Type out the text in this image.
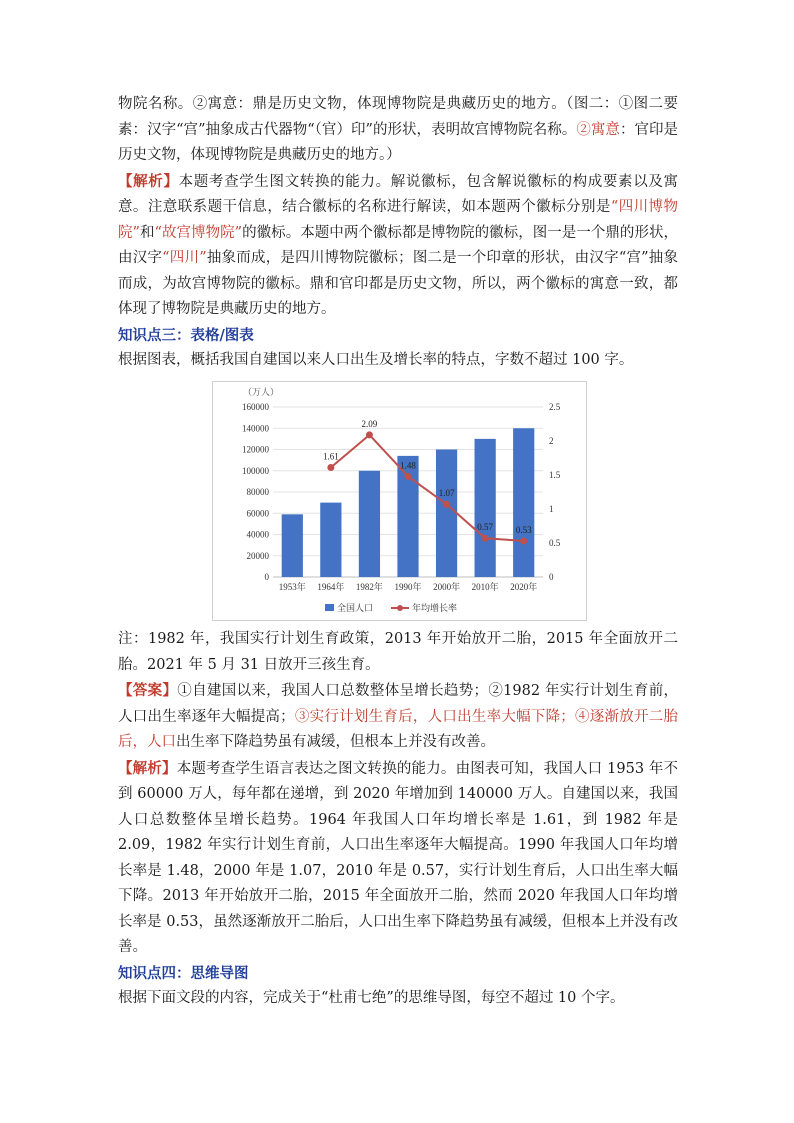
物院名称。②寓意：鼎是历史文物，体现博物院是典藏历史的地方。（图二：①图二要素：汉字“宫”抽象成古代器物“（官）印”的形状，表明故宫博物院名称。②寓意：官印是历史文物，体现博物院是典藏历史的地方。）

【解析】本题考查学生图文转换的能力。解说徽标，包含解说徽标的构成要素以及寓意。注意联系题干信息，结合徽标的名称进行解读，如本题两个徽标分别是“四川博物院”和“故宫博物院”的徽标。本题中两个徽标都是博物院的徽标，图一是一个鼎的形状，由汉字“四川”抽象而成，是四川博物院徽标；图二是一个印章的形状，由汉字“宫”抽象而成，为故宫博物院的徽标。鼎和官印都是历史文物，所以，两个徽标的寓意一致，都体现了博物院是典藏历史的地方。

知识点三：表格/图表

根据图表，概括我国自建国以来人口出生及增长率的特点，字数不超过 100 字。

（万人）
0
20000
40000
60000
80000
100000
120000
140000
160000
0
0.5
1
1.5
2
2.5
1.61
2.09
1.48
1.07
0.57	0.53
1953年 1964年 1982年 1990年 2000年 2010年 2020年
全国人口	年均增长率

注：1982 年，我国实行计划生育政策，2013 年开始放开二胎，2015 年全面放开二胎。2021 年 5 月 31 日放开三孩生育。

【答案】①自建国以来，我国人口总数整体呈增长趋势；②1982 年实行计划生育前，人口出生率逐年大幅提高；③实行计划生育后，人口出生率大幅下降；④逐渐放开二胎后，人口出生率下降趋势虽有减缓，但根本上并没有改善。

【解析】本题考查学生语言表达之图文转换的能力。由图表可知，我国人口 1953 年不到 60000 万人，每年都在递增，到 2020 年增加到 140000 万人。自建国以来，我国人口总数整体呈增长趋势。1964 年我国人口年均增长率是 1.61，到 1982 年是 2.09，1982 年实行计划生育前，人口出生率逐年大幅提高。1990 年我国人口年均增长率是 1.48，2000 年是 1.07，2010 年是 0.57，实行计划生育后，人口出生率大幅下降。2013 年开始放开二胎，2015 年全面放开二胎，然而 2020 年我国人口年均增长率是 0.53，虽然逐渐放开二胎后，人口出生率下降趋势虽有减缓，但根本上并没有改善。

知识点四：思维导图

根据下面文段的内容，完成关于“杜甫七绝”的思维导图，每空不超过 10 个字。
